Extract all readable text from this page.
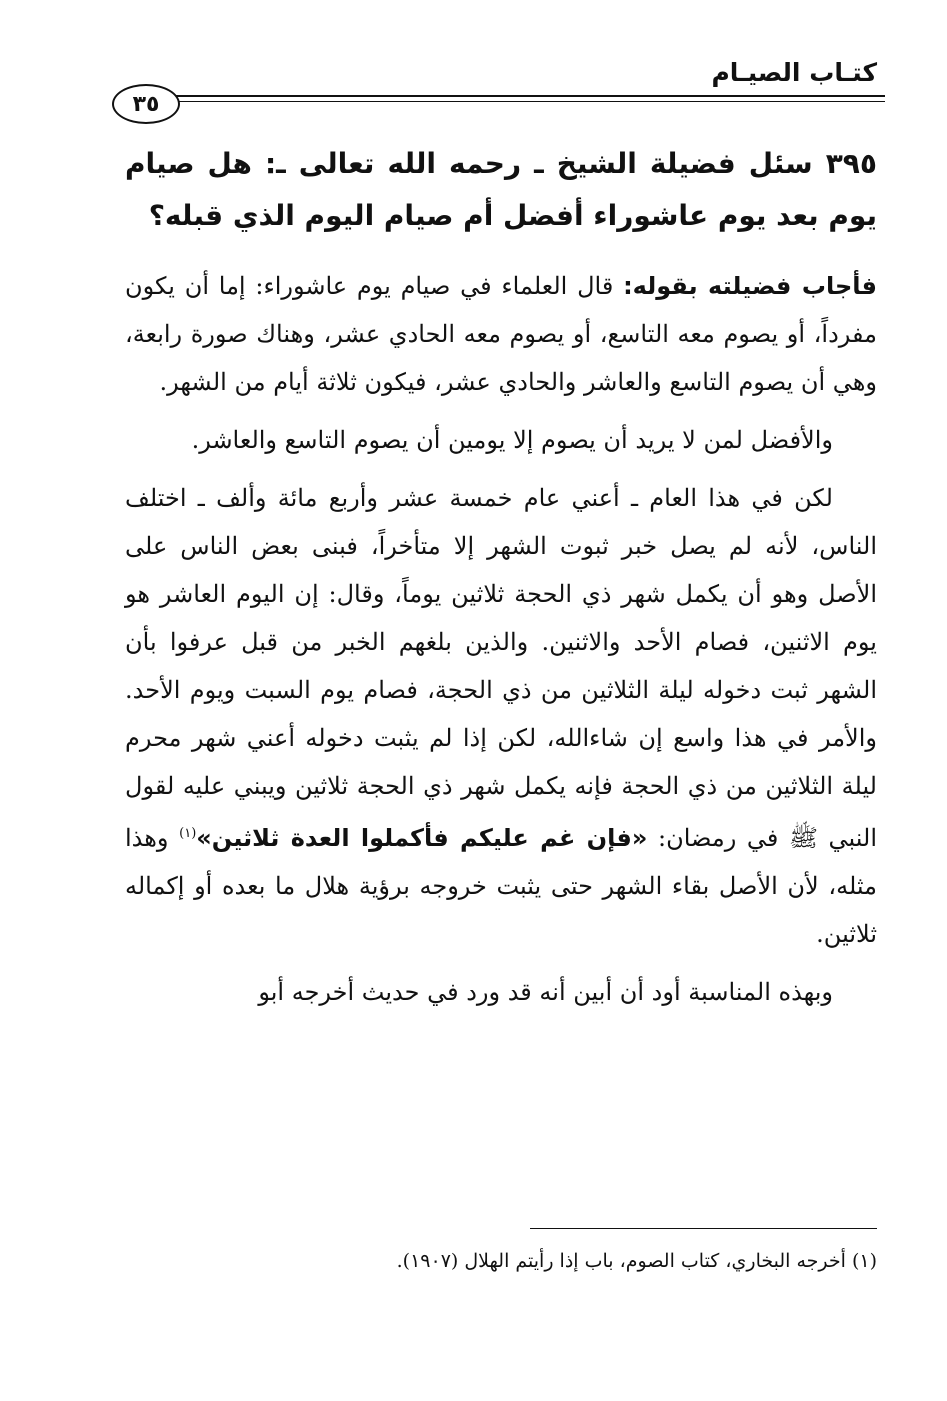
كتـاب الصيـام
٣٥

٣٩٥ سئل فضيلة الشيخ ـ رحمه الله تعالى ـ: هل صيام يوم بعد يوم عاشوراء أفضل أم صيام اليوم الذي قبله؟

فأجاب فضيلته بقوله: قال العلماء في صيام يوم عاشوراء: إما أن يكون مفرداً، أو يصوم معه التاسع، أو يصوم معه الحادي عشر، وهناك صورة رابعة، وهي أن يصوم التاسع والعاشر والحادي عشر، فيكون ثلاثة أيام من الشهر.

والأفضل لمن لا يريد أن يصوم إلا يومين أن يصوم التاسع والعاشر.

لكن في هذا العام ـ أعني عام خمسة عشر وأربع مائة وألف ـ اختلف الناس، لأنه لم يصل خبر ثبوت الشهر إلا متأخراً، فبنى بعض الناس على الأصل وهو أن يكمل شهر ذي الحجة ثلاثين يوماً، وقال: إن اليوم العاشر هو يوم الاثنين، فصام الأحد والاثنين. والذين بلغهم الخبر من قبل عرفوا بأن الشهر ثبت دخوله ليلة الثلاثين من ذي الحجة، فصام يوم السبت ويوم الأحد. والأمر في هذا واسع إن شاءالله، لكن إذا لم يثبت دخوله أعني شهر محرم ليلة الثلاثين من ذي الحجة فإنه يكمل شهر ذي الحجة ثلاثين ويبني عليه لقول النبي ﷺ في رمضان: «فإن غم عليكم فأكملوا العدة ثلاثين»$^{(١)}$ وهذا مثله، لأن الأصل بقاء الشهر حتى يثبت خروجه برؤية هلال ما بعده أو إكماله ثلاثين.

وبهذه المناسبة أود أن أبين أنه قد ورد في حديث أخرجه أبو

(١) أخرجه البخاري، كتاب الصوم، باب إذا رأيتم الهلال (١٩٠٧).
